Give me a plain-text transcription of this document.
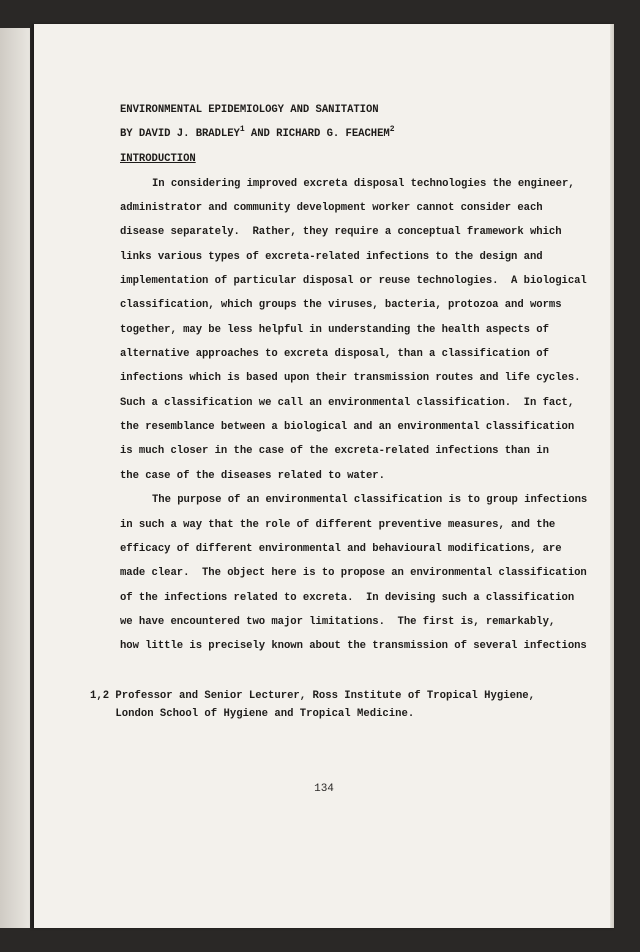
ENVIRONMENTAL EPIDEMIOLOGY AND SANITATION
BY DAVID J. BRADLEY$^1$ AND RICHARD G. FEACHEM$^2$
INTRODUCTION
In considering improved excreta disposal technologies the engineer,
administrator and community development worker cannot consider each
disease separately.  Rather, they require a conceptual framework which
links various types of excreta-related infections to the design and
implementation of particular disposal or reuse technologies.  A biological
classification, which groups the viruses, bacteria, protozoa and worms
together, may be less helpful in understanding the health aspects of
alternative approaches to excreta disposal, than a classification of
infections which is based upon their transmission routes and life cycles.
Such a classification we call an environmental classification.  In fact,
the resemblance between a biological and an environmental classification
is much closer in the case of the excreta-related infections than in
the case of the diseases related to water.
The purpose of an environmental classification is to group infections
in such a way that the role of different preventive measures, and the
efficacy of different environmental and behavioural modifications, are
made clear.  The object here is to propose an environmental classification
of the infections related to excreta.  In devising such a classification
we have encountered two major limitations.  The first is, remarkably,
how little is precisely known about the transmission of several infections
1,2 Professor and Senior Lecturer, Ross Institute of Tropical Hygiene,
London School of Hygiene and Tropical Medicine.
134
